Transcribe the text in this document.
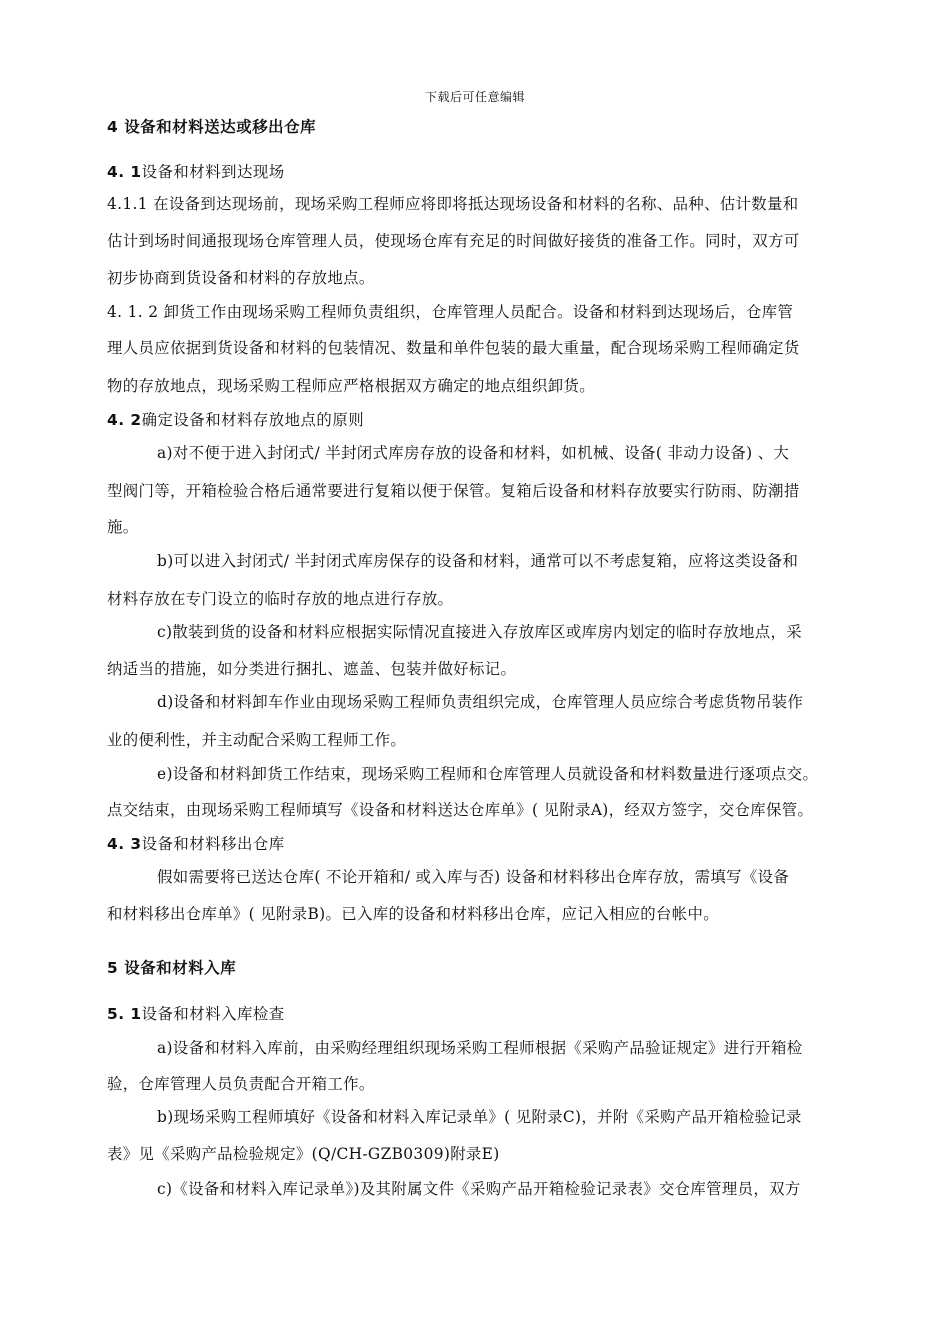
下载后可任意编辑
4 设备和材料送达或移出仓库
4. 1设备和材料到达现场
4.1.1 在设备到达现场前，现场采购工程师应将即将抵达现场设备和材料的名称、品种、估计数量和
估计到场时间通报现场仓库管理人员，使现场仓库有充足的时间做好接货的准备工作。同时，双方可
初步协商到货设备和材料的存放地点。
4. 1. 2 卸货工作由现场采购工程师负责组织，仓库管理人员配合。设备和材料到达现场后，仓库管
理人员应依据到货设备和材料的包装情况、数量和单件包装的最大重量，配合现场采购工程师确定货
物的存放地点，现场采购工程师应严格根据双方确定的地点组织卸货。
4. 2确定设备和材料存放地点的原则
a)对不便于进入封闭式/ 半封闭式库房存放的设备和材料，如机械、设备( 非动力设备) 、大
型阀门等，开箱检验合格后通常要进行复箱以便于保管。复箱后设备和材料存放要实行防雨、防潮措
施。
b)可以进入封闭式/ 半封闭式库房保存的设备和材料，通常可以不考虑复箱，应将这类设备和
材料存放在专门设立的临时存放的地点进行存放。
c)散装到货的设备和材料应根据实际情况直接进入存放库区或库房内划定的临时存放地点，采
纳适当的措施，如分类进行捆扎、遮盖、包装并做好标记。
d)设备和材料卸车作业由现场采购工程师负责组织完成，仓库管理人员应综合考虑货物吊装作
业的便利性，并主动配合采购工程师工作。
e)设备和材料卸货工作结束，现场采购工程师和仓库管理人员就设备和材料数量进行逐项点交。
点交结束，由现场采购工程师填写《设备和材料送达仓库单》( 见附录A)，经双方签字，交仓库保管。
4. 3设备和材料移出仓库
假如需要将已送达仓库( 不论开箱和/ 或入库与否) 设备和材料移出仓库存放，需填写《设备
和材料移出仓库单》( 见附录B)。已入库的设备和材料移出仓库，应记入相应的台帐中。
5 设备和材料入库
5. 1设备和材料入库检查
a)设备和材料入库前，由采购经理组织现场采购工程师根据《采购产品验证规定》进行开箱检
验，仓库管理人员负责配合开箱工作。
b)现场采购工程师填好《设备和材料入库记录单》( 见附录C)，并附《采购产品开箱检验记录
表》见《采购产品检验规定》(Q/CH-GZB0309)附录E)
c)《设备和材料入库记录单》)及其附属文件《采购产品开箱检验记录表》交仓库管理员，双方
